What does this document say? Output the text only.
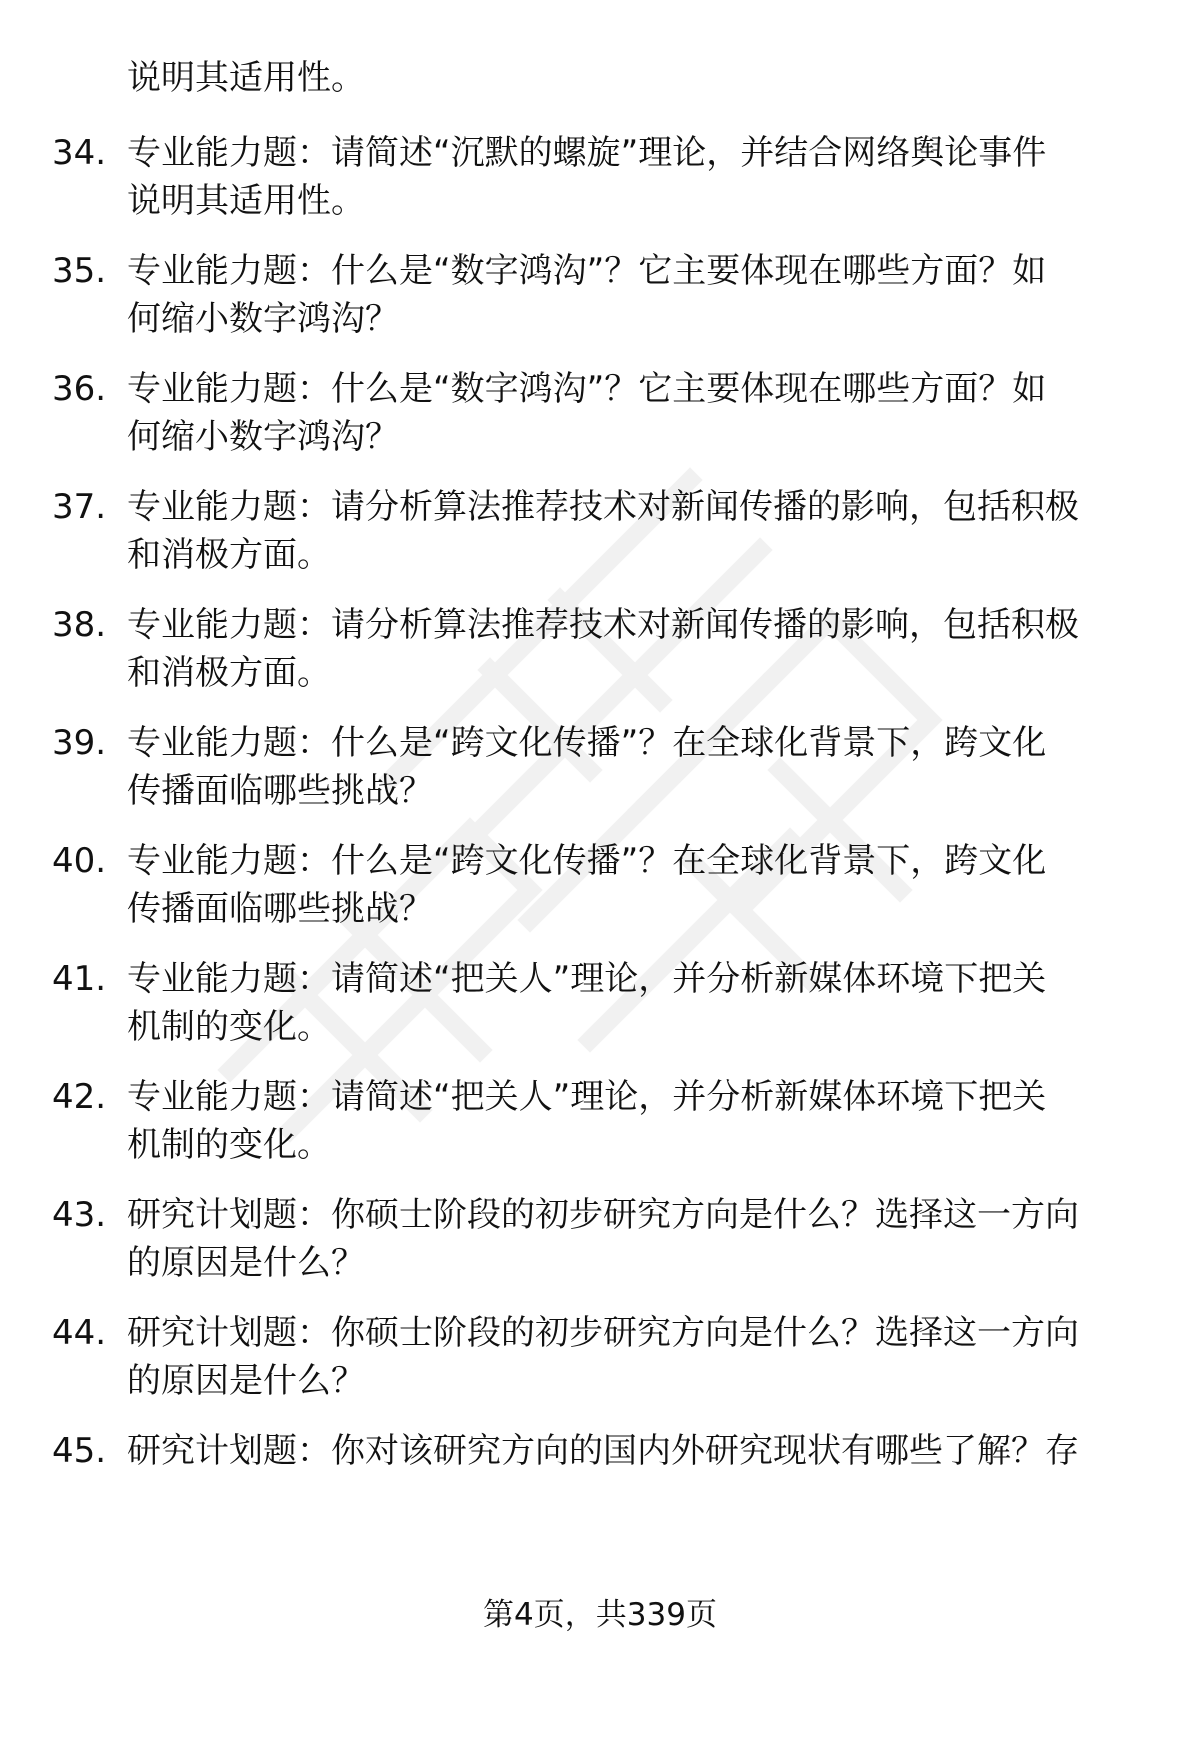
说明其适用性。
34. 专业能力题：请简述“沉默的螺旋”理论，并结合网络舆论事件
说明其适用性。
35. 专业能力题：什么是“数字鸿沟”？它主要体现在哪些方面？如
何缩小数字鸿沟？
36. 专业能力题：什么是“数字鸿沟”？它主要体现在哪些方面？如
何缩小数字鸿沟？
37. 专业能力题：请分析算法推荐技术对新闻传播的影响，包括积极
和消极方面。
38. 专业能力题：请分析算法推荐技术对新闻传播的影响，包括积极
和消极方面。
39. 专业能力题：什么是“跨文化传播”？在全球化背景下，跨文化
传播面临哪些挑战？
40. 专业能力题：什么是“跨文化传播”？在全球化背景下，跨文化
传播面临哪些挑战？
41. 专业能力题：请简述“把关人”理论，并分析新媒体环境下把关
机制的变化。
42. 专业能力题：请简述“把关人”理论，并分析新媒体环境下把关
机制的变化。
43. 研究计划题：你硕士阶段的初步研究方向是什么？选择这一方向
的原因是什么？
44. 研究计划题：你硕士阶段的初步研究方向是什么？选择这一方向
的原因是什么？
45. 研究计划题：你对该研究方向的国内外研究现状有哪些了解？存
第4页，共339页
